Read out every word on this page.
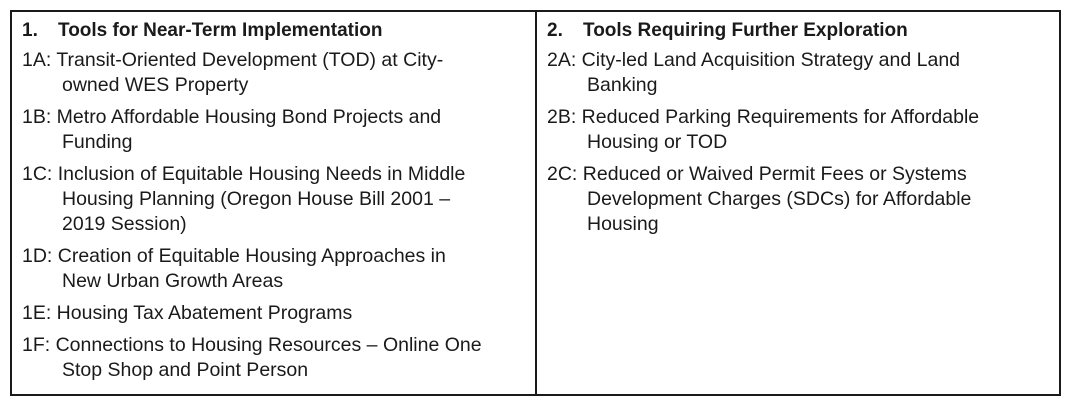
1.	Tools for Near-Term Implementation
1A: Transit-Oriented Development (TOD) at City-
owned WES Property
1B: Metro Affordable Housing Bond Projects and
Funding
1C: Inclusion of Equitable Housing Needs in Middle
Housing Planning (Oregon House Bill 2001 –
2019 Session)
1D: Creation of Equitable Housing Approaches in
New Urban Growth Areas
1E: Housing Tax Abatement Programs
1F: Connections to Housing Resources – Online One
Stop Shop and Point Person
2.	Tools Requiring Further Exploration
2A: City-led Land Acquisition Strategy and Land
Banking
2B: Reduced Parking Requirements for Affordable
Housing or TOD
2C: Reduced or Waived Permit Fees or Systems
Development Charges (SDCs) for Affordable
Housing
